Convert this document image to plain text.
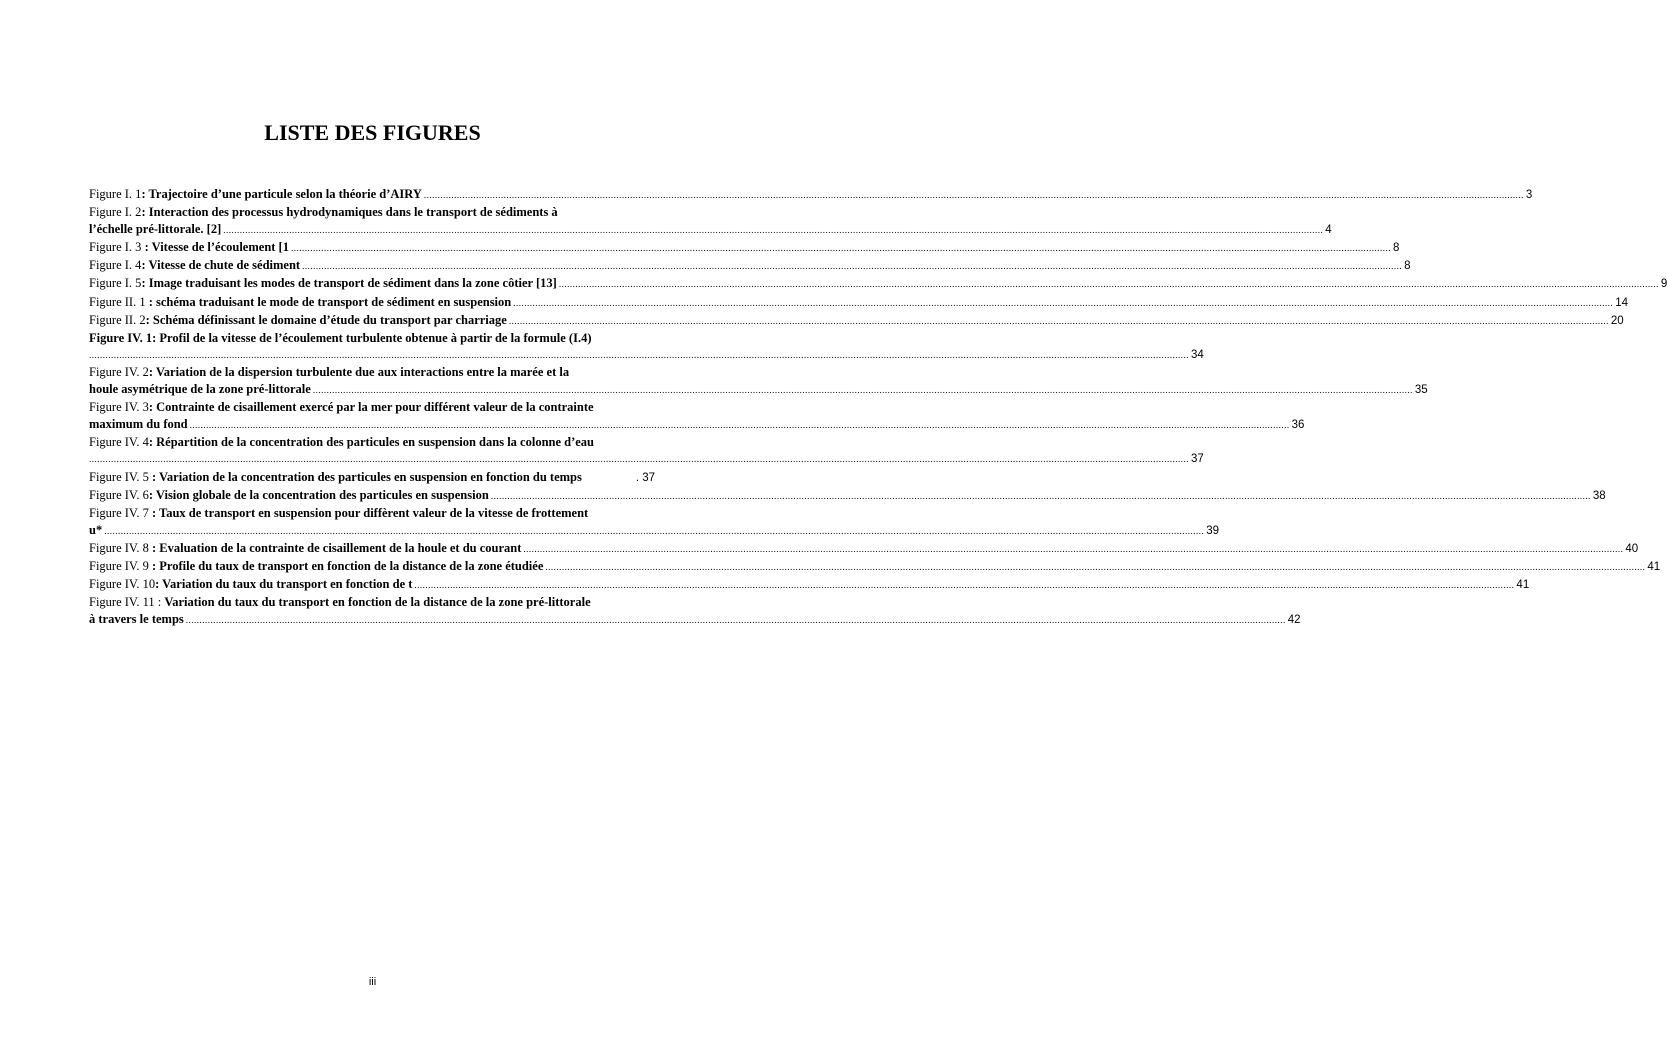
LISTE DES FIGURES
Figure I. 1: Trajectoire d’une particule selon la théorie d’AIRY ................................................................................................................................................................................................................................................................................................................................................................................................................ 3
Figure I. 2: Interaction des processus hydrodynamiques dans le transport de sédiments à
l’échelle pré-littorale. [2] ................................................................................................................................................................................................................................................................................................................................................................................................................ 4
Figure I. 3 : Vitesse de l’écoulement [1 ................................................................................................................................................................................................................................................................................................................................................................................................................ 8
Figure I. 4: Vitesse de chute de sédiment ................................................................................................................................................................................................................................................................................................................................................................................................................ 8
Figure I. 5: Image traduisant les modes de transport de sédiment dans la zone côtier [13] ................................................................................................................................................................................................................................................................................................................................................................................................................ 9
Figure II. 1 : schéma traduisant le mode de transport de sédiment en suspension ................................................................................................................................................................................................................................................................................................................................................................................................................ 14
Figure II. 2: Schéma définissant le domaine d’étude du transport par charriage ................................................................................................................................................................................................................................................................................................................................................................................................................ 20
Figure IV. 1: Profil de la vitesse de l’écoulement turbulente obtenue à partir de la formule (I.4)
................................................................................................................................................................................................................................................................................................................................................................................................................ 34
Figure IV. 2: Variation de la dispersion turbulente due aux interactions entre la marée et la
houle asymétrique de la zone pré-littorale ................................................................................................................................................................................................................................................................................................................................................................................................................ 35
Figure IV. 3: Contrainte de cisaillement exercé par la mer pour différent valeur de la contrainte
maximum du fond ................................................................................................................................................................................................................................................................................................................................................................................................................ 36
Figure IV. 4: Répartition de la concentration des particules en suspension dans la colonne d’eau
................................................................................................................................................................................................................................................................................................................................................................................................................ 37
Figure IV. 5 : Variation de la concentration des particules en suspension en fonction du temps	. 37
Figure IV. 6: Vision globale de la concentration des particules en suspension ................................................................................................................................................................................................................................................................................................................................................................................................................ 38
Figure IV. 7 : Taux de transport en suspension pour diffèrent valeur de la vitesse de frottement
u* ................................................................................................................................................................................................................................................................................................................................................................................................................ 39
Figure IV. 8 : Evaluation de la contrainte de cisaillement de la houle et du courant ................................................................................................................................................................................................................................................................................................................................................................................................................ 40
Figure IV. 9 : Profile du taux de transport en fonction de la distance de la zone étudiée ................................................................................................................................................................................................................................................................................................................................................................................................................ 41
Figure IV. 10: Variation du taux du transport en fonction de t ................................................................................................................................................................................................................................................................................................................................................................................................................ 41
Figure IV. 11 : Variation du taux du transport en fonction de la distance de la zone pré-littorale
à travers le temps ................................................................................................................................................................................................................................................................................................................................................................................................................ 42
iii
